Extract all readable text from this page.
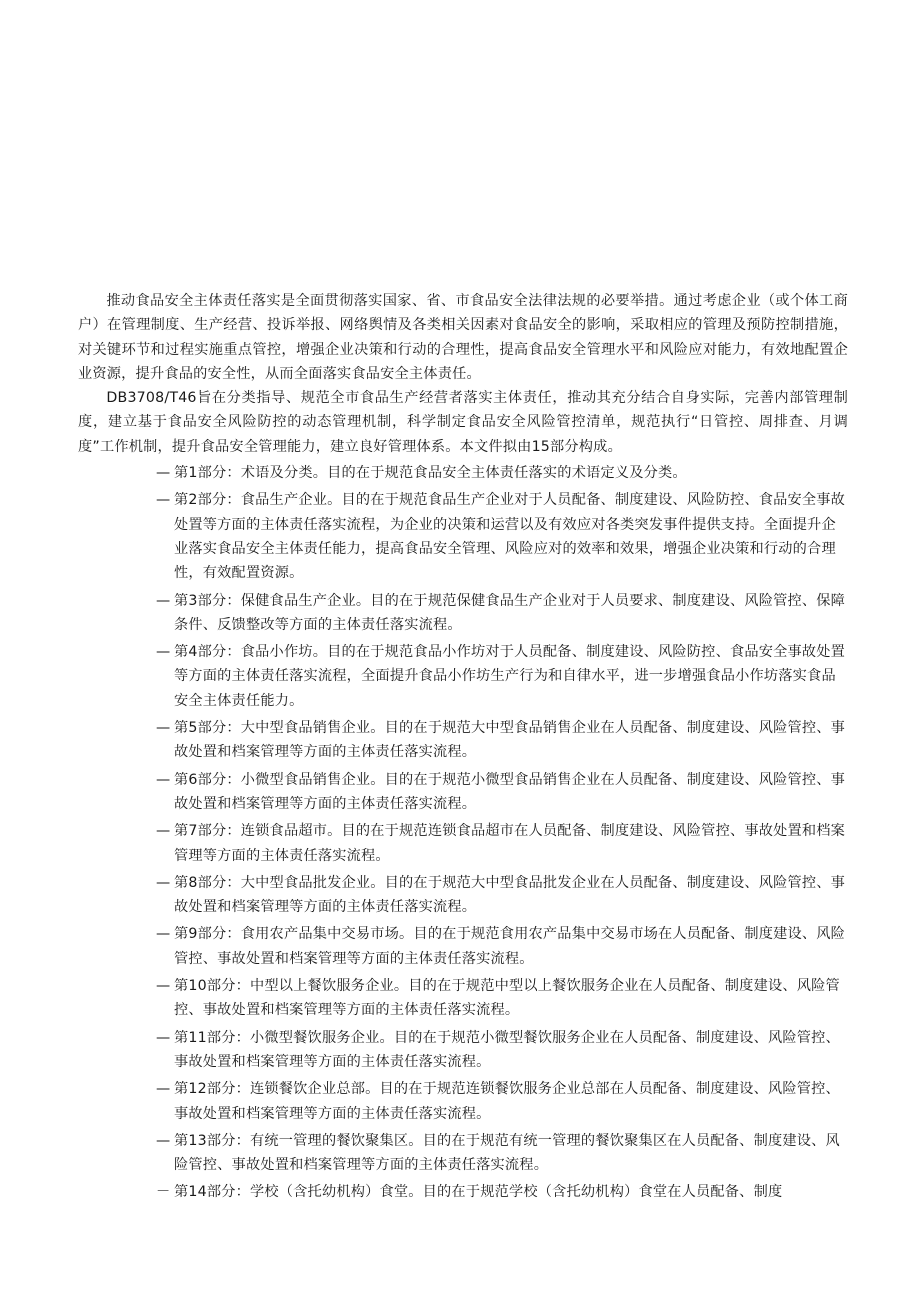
推动食品安全主体责任落实是全面贯彻落实国家、省、市食品安全法律法规的必要举措。通过考虑企业（或个体工商户）在管理制度、生产经营、投诉举报、网络舆情及各类相关因素对食品安全的影响，采取相应的管理及预防控制措施，对关键环节和过程实施重点管控，增强企业决策和行动的合理性，提高食品安全管理水平和风险应对能力，有效地配置企业资源，提升食品的安全性，从而全面落实食品安全主体责任。

DB3708/T46旨在分类指导、规范全市食品生产经营者落实主体责任，推动其充分结合自身实际，完善内部管理制度，建立基于食品安全风险防控的动态管理机制，科学制定食品安全风险管控清单，规范执行“日管控、周排查、月调度”工作机制，提升食品安全管理能力，建立良好管理体系。本文件拟由15部分构成。

— 第1部分：术语及分类。目的在于规范食品安全主体责任落实的术语定义及分类。
— 第2部分：食品生产企业。目的在于规范食品生产企业对于人员配备、制度建设、风险防控、食品安全事故处置等方面的主体责任落实流程，为企业的决策和运营以及有效应对各类突发事件提供支持。全面提升企业落实食品安全主体责任能力，提高食品安全管理、风险应对的效率和效果，增强企业决策和行动的合理性，有效配置资源。
— 第3部分：保健食品生产企业。目的在于规范保健食品生产企业对于人员要求、制度建设、风险管控、保障条件、反馈整改等方面的主体责任落实流程。
— 第4部分：食品小作坊。目的在于规范食品小作坊对于人员配备、制度建设、风险防控、食品安全事故处置等方面的主体责任落实流程，全面提升食品小作坊生产行为和自律水平，进一步增强食品小作坊落实食品安全主体责任能力。
— 第5部分：大中型食品销售企业。目的在于规范大中型食品销售企业在人员配备、制度建设、风险管控、事故处置和档案管理等方面的主体责任落实流程。
— 第6部分：小微型食品销售企业。目的在于规范小微型食品销售企业在人员配备、制度建设、风险管控、事故处置和档案管理等方面的主体责任落实流程。
— 第7部分：连锁食品超市。目的在于规范连锁食品超市在人员配备、制度建设、风险管控、事故处置和档案管理等方面的主体责任落实流程。
— 第8部分：大中型食品批发企业。目的在于规范大中型食品批发企业在人员配备、制度建设、风险管控、事故处置和档案管理等方面的主体责任落实流程。
— 第9部分：食用农产品集中交易市场。目的在于规范食用农产品集中交易市场在人员配备、制度建设、风险管控、事故处置和档案管理等方面的主体责任落实流程。
— 第10部分：中型以上餐饮服务企业。目的在于规范中型以上餐饮服务企业在人员配备、制度建设、风险管控、事故处置和档案管理等方面的主体责任落实流程。
— 第11部分：小微型餐饮服务企业。目的在于规范小微型餐饮服务企业在人员配备、制度建设、风险管控、事故处置和档案管理等方面的主体责任落实流程。
— 第12部分：连锁餐饮企业总部。目的在于规范连锁餐饮服务企业总部在人员配备、制度建设、风险管控、事故处置和档案管理等方面的主体责任落实流程。
— 第13部分：有统一管理的餐饮聚集区。目的在于规范有统一管理的餐饮聚集区在人员配备、制度建设、风险管控、事故处置和档案管理等方面的主体责任落实流程。
－ 第14部分：学校（含托幼机构）食堂。目的在于规范学校（含托幼机构）食堂在人员配备、制度
